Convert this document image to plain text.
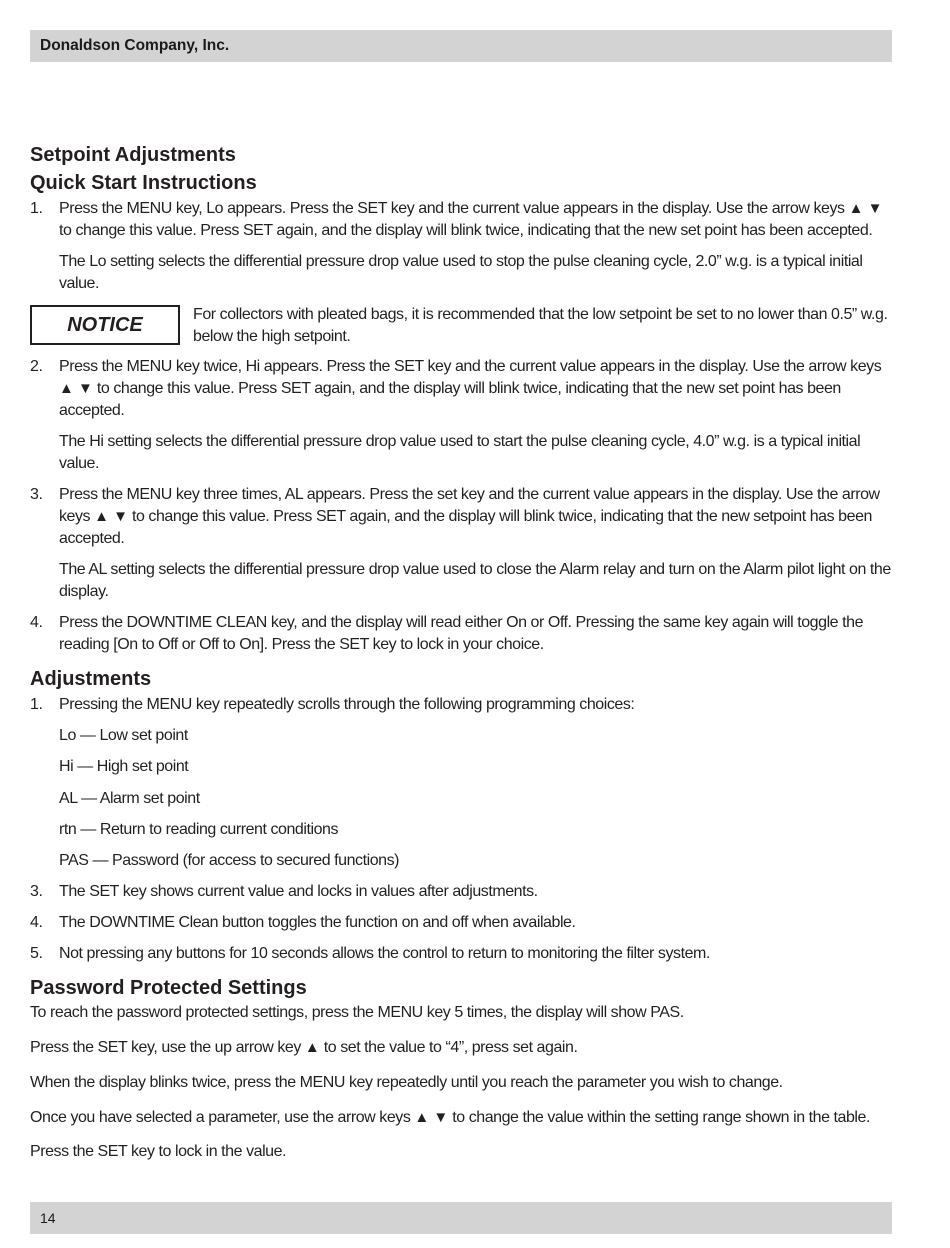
Donaldson Company, Inc.
Setpoint Adjustments
Quick Start Instructions
1.	Press the MENU key, Lo appears. Press the SET key and the current value appears in the display. Use the arrow keys ▲ ▼
to change this value. Press SET again, and the display will blink twice, indicating that the new set point has been accepted.
The Lo setting selects the differential pressure drop value used to stop the pulse cleaning cycle, 2.0” w.g. is a typical initial value.
NOTICE	For collectors with pleated bags, it is recommended that the low setpoint be set to no lower than 0.5” w.g. below the high setpoint.
2.	Press the MENU key twice, Hi appears. Press the SET key and the current value appears in the display. Use the arrow keys
▲ ▼ to change this value. Press SET again, and the display will blink twice, indicating that the new set point has been accepted.
The Hi setting selects the differential pressure drop value used to start the pulse cleaning cycle, 4.0” w.g. is a typical initial value.
3.	Press the MENU key three times, AL appears. Press the set key and the current value appears in the display. Use the arrow keys ▲ ▼ to change this value. Press SET again, and the display will blink twice, indicating that the new setpoint has been accepted.
The AL setting selects the differential pressure drop value used to close the Alarm relay and turn on the Alarm pilot light on the display.
4.	Press the DOWNTIME CLEAN key, and the display will read either On or Off. Pressing the same key again will toggle the reading [On to Off or Off to On]. Press the SET key to lock in your choice.
Adjustments
1.	Pressing the MENU key repeatedly scrolls through the following programming choices:
Lo — Low set point
Hi — High set point
AL — Alarm set point
rtn — Return to reading current conditions
PAS — Password (for access to secured functions)
3.	The SET key shows current value and locks in values after adjustments.
4.	The DOWNTIME Clean button toggles the function on and off when available.
5.	Not pressing any buttons for 10 seconds allows the control to return to monitoring the filter system.
Password Protected Settings
To reach the password protected settings, press the MENU key 5 times, the display will show PAS.
Press the SET key, use the up arrow key ▲ to set the value to “4”, press set again.
When the display blinks twice, press the MENU key repeatedly until you reach the parameter you wish to change.
Once you have selected a parameter, use the arrow keys ▲ ▼ to change the value within the setting range shown in the table.
Press the SET key to lock in the value.
14
